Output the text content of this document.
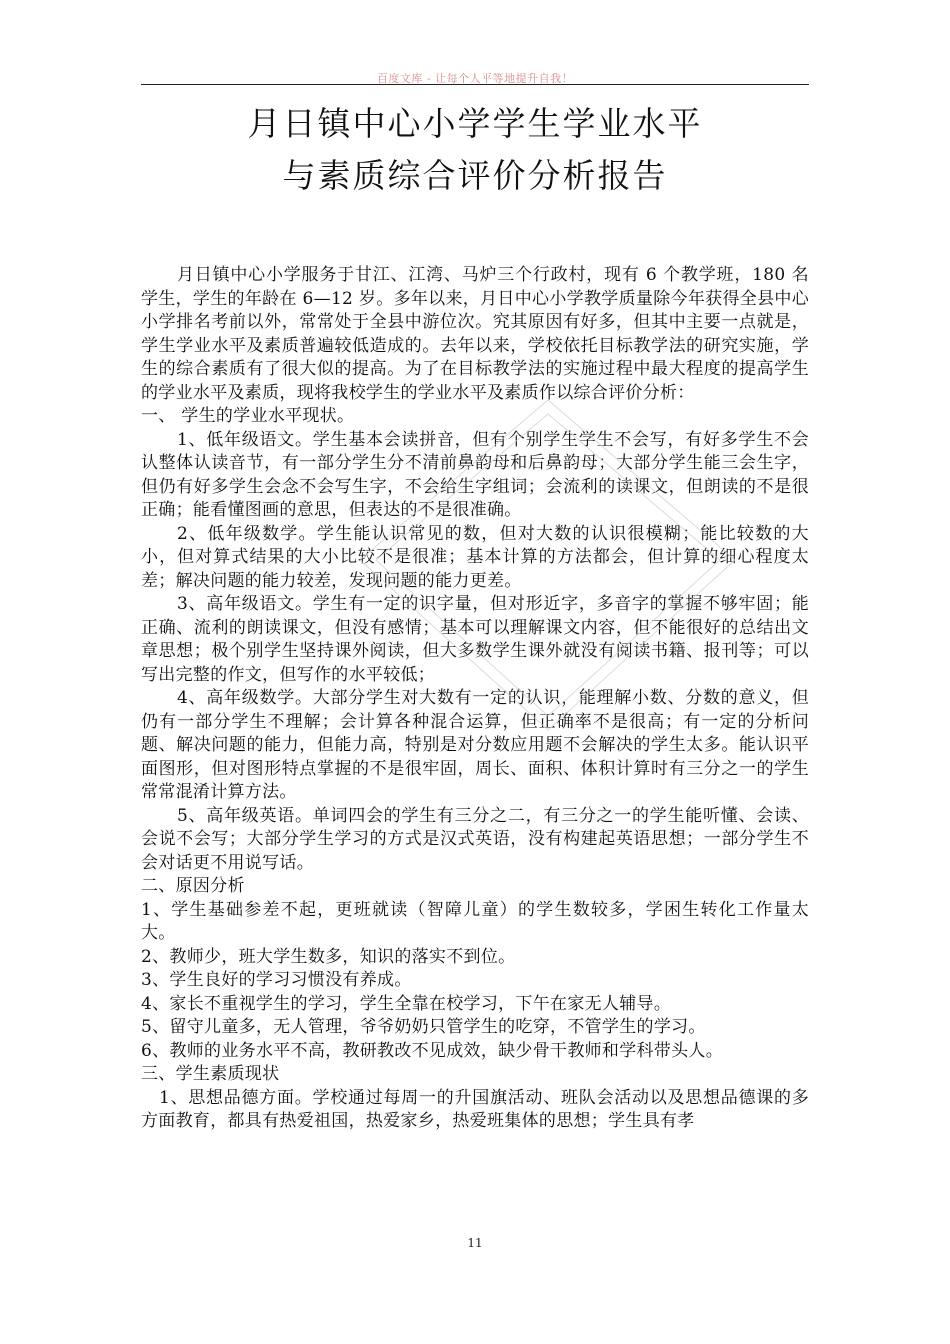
百度文库 - 让每个人平等地提升自我！
月日镇中心小学学生学业水平
与素质综合评价分析报告

月日镇中心小学服务于甘江、江湾、马炉三个行政村，现有 6 个教学班，180 名学生，学生的年龄在 6—12 岁。多年以来，月日中心小学教学质量除今年获得全县中心小学排名考前以外，常常处于全县中游位次。究其原因有好多，但其中主要一点就是，学生学业水平及素质普遍较低造成的。去年以来，学校依托目标教学法的研究实施，学生的综合素质有了很大似的提高。为了在目标教学法的实施过程中最大程度的提高学生的学业水平及素质，现将我校学生的学业水平及素质作以综合评价分析：

一、 学生的学业水平现状。

1、低年级语文。学生基本会读拼音，但有个别学生学生不会写，有好多学生不会认整体认读音节，有一部分学生分不清前鼻韵母和后鼻韵母；大部分学生能三会生字，但仍有好多学生会念不会写生字，不会给生字组词；会流利的读课文，但朗读的不是很正确；能看懂图画的意思，但表达的不是很准确。

2、低年级数学。学生能认识常见的数，但对大数的认识很模糊；能比较数的大小，但对算式结果的大小比较不是很准；基本计算的方法都会，但计算的细心程度太差；解决问题的能力较差，发现问题的能力更差。

3、高年级语文。学生有一定的识字量，但对形近字，多音字的掌握不够牢固；能正确、流利的朗读课文，但没有感情；基本可以理解课文内容，但不能很好的总结出文章思想；极个别学生坚持课外阅读，但大多数学生课外就没有阅读书籍、报刊等；可以写出完整的作文，但写作的水平较低；

4、高年级数学。大部分学生对大数有一定的认识，能理解小数、分数的意义，但仍有一部分学生不理解；会计算各种混合运算，但正确率不是很高；有一定的分析问题、解决问题的能力，但能力高，特别是对分数应用题不会解决的学生太多。能认识平面图形，但对图形特点掌握的不是很牢固，周长、面积、体积计算时有三分之一的学生常常混淆计算方法。

5、高年级英语。单词四会的学生有三分之二，有三分之一的学生能听懂、会读、会说不会写；大部分学生学习的方式是汉式英语，没有构建起英语思想；一部分学生不会对话更不用说写话。

二、原因分析

1、学生基础参差不起，更班就读（智障儿童）的学生数较多，学困生转化工作量太大。

2、教师少，班大学生数多，知识的落实不到位。

3、学生良好的学习习惯没有养成。

4、家长不重视学生的学习，学生全靠在校学习，下午在家无人辅导。

5、留守儿童多，无人管理，爷爷奶奶只管学生的吃穿，不管学生的学习。

6、教师的业务水平不高，教研教改不见成效，缺少骨干教师和学科带头人。

三、学生素质现状

1、思想品德方面。学校通过每周一的升国旗活动、班队会活动以及思想品德课的多方面教育，都具有热爱祖国，热爱家乡，热爱班集体的思想；学生具有孝

11
